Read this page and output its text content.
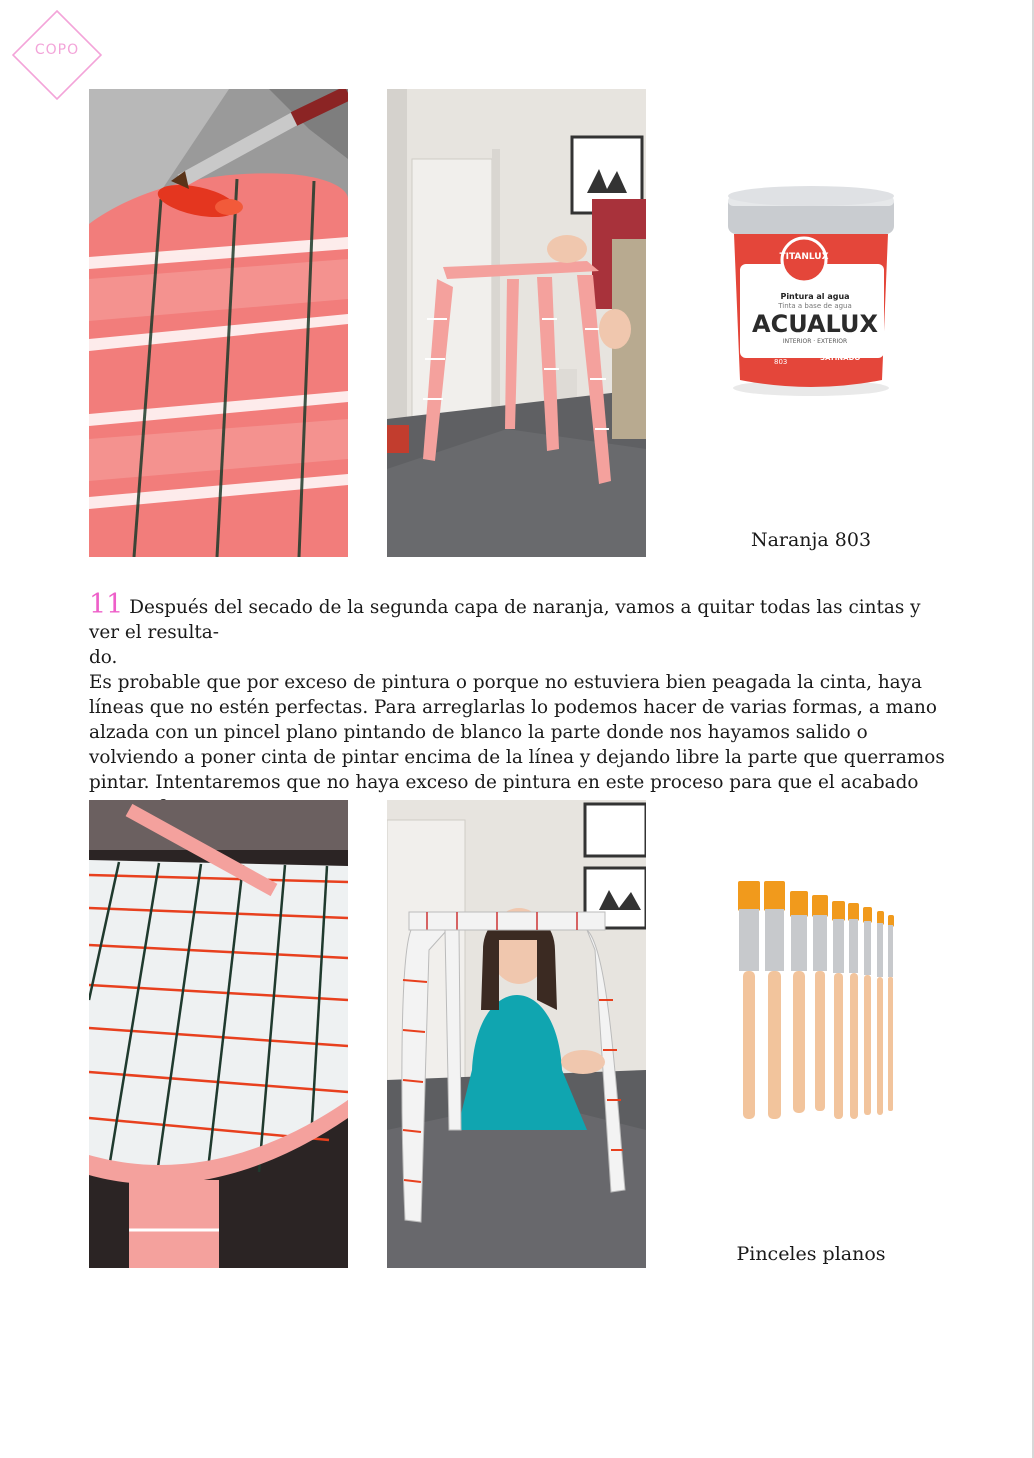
COPO
TITANLUX
Pintura al agua
Tinta a base de agua
ACUALUX
INTERIOR · EXTERIOR
NARANJA
803	SATINADO
Naranja 803

11 Después del secado de la segunda capa de naranja, vamos a quitar todas las cintas y ver el resulta-

do.

Es probable que por exceso de pintura o porque no estuviera bien peagada la cinta, haya líneas que no estén perfectas. Para arreglarlas lo podemos hacer de varias formas, a mano alzada con un pincel plano pintando de blanco la parte donde nos hayamos salido o volviendo a poner cinta de pintar encima de la línea y dejando libre la parte que querramos pintar. Intentaremos que no haya exceso de pintura en este proceso para que el acabado

Pinceles planos
